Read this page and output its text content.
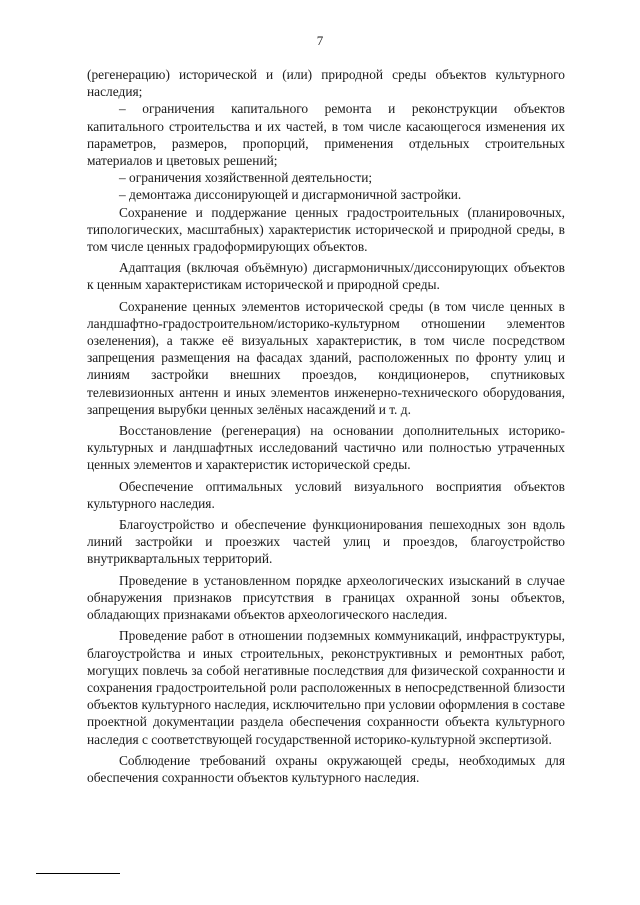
7

(регенерацию) исторической и (или) природной среды объектов культурного наследия;

– ограничения капитального ремонта и реконструкции объектов капитального строительства и их частей, в том числе касающегося изменения их параметров, размеров, пропорций, применения отдельных строительных материалов и цветовых решений;

– ограничения хозяйственной деятельности;

– демонтажа диссонирующей и дисгармоничной застройки.

Сохранение и поддержание ценных градостроительных (планировочных, типологических, масштабных) характеристик исторической и природной среды, в том числе ценных градоформирующих объектов.

Адаптация (включая объёмную) дисгармоничных/диссонирующих объектов к ценным характеристикам исторической и природной среды.

Сохранение ценных элементов исторической среды (в том числе ценных в ландшафтно-градостроительном/историко-культурном отношении элементов озеленения), а также её визуальных характеристик, в том числе посредством запрещения размещения на фасадах зданий, расположенных по фронту улиц и линиям застройки внешних проездов, кондиционеров, спутниковых телевизионных антенн и иных элементов инженерно-технического оборудования, запрещения вырубки ценных зелёных насаждений и т. д.

Восстановление (регенерация) на основании дополнительных историко-культурных и ландшафтных исследований частично или полностью утраченных ценных элементов и характеристик исторической среды.

Обеспечение оптимальных условий визуального восприятия объектов культурного наследия.

Благоустройство и обеспечение функционирования пешеходных зон вдоль линий застройки и проезжих частей улиц и проездов, благоустройство внутриквартальных территорий.

Проведение в установленном порядке археологических изысканий в случае обнаружения признаков присутствия в границах охранной зоны объектов, обладающих признаками объектов археологического наследия.

Проведение работ в отношении подземных коммуникаций, инфраструктуры, благоустройства и иных строительных, реконструктивных и ремонтных работ, могущих повлечь за собой негативные последствия для физической сохранности и сохранения градостроительной роли расположенных в непосредственной близости объектов культурного наследия, исключительно при условии оформления в составе проектной документации раздела обеспечения сохранности объекта культурного наследия с соответствующей государственной историко-культурной экспертизой.

Соблюдение требований охраны окружающей среды, необходимых для обеспечения сохранности объектов культурного наследия.
